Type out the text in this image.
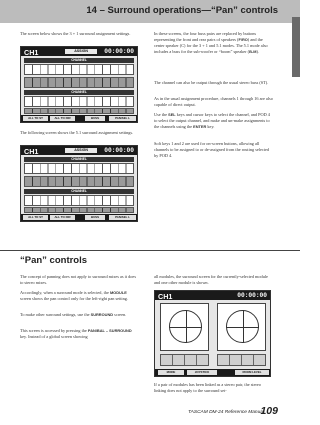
14 – Surround operations—“Pan” controls
The screen below shows the 3 + 1 surround assignment settings.
CH1	ASSIGN	00:00:00
CHANNEL
CHANNEL
ALL TO ST	ALL TO DIR	BUSS	PAN/SEL L
The following screen shows the 5.1 surround assignment settings.
CH1	ASSIGN	00:00:00
CHANNEL
CHANNEL
ALL TO ST	ALL TO DIR	BUSS	PAN/SEL L
In these screens, the four buss pairs are replaced by buttons representing the front and rear pairs of speakers (F/RO) and the center speaker (C) for the 3 + 1 and 5.1 modes. The 5.1 mode also includes a buss for the sub-woofer or “boom” speaker (B-M).
The channel can also be output through the usual stereo buss (ST).
As in the usual assignment procedure, channels 1 through 16 are also capable of direct output.
Use the SEL keys and cursor keys to select the channel, and POD 4 to select the output channel, and make and un-make assignments to the channels using the ENTER key.
Soft keys 1 and 2 are used for on-screen buttons, allowing all channels to be assigned to or de-assigned from the routing selected by POD 4.
“Pan” controls
The concept of panning does not apply to surround mixes as it does to stereo mixes.
Accordingly, when a surround mode is selected, the MODULE screen shows the pan control only for the left-right pan setting.
To make other surround settings, use the SURROUND screen.
This screen is accessed by pressing the PAN/BAL – SURROUND key. Instead of a global screen showing
all modules, the surround screen for the currently-selected module and one other module is shown.
CH1	00:00:00
MODE	JOYSTICK	ROOM LEVEL
If a pair of modules has been linked as a stereo pair, the stereo linking does not apply to the surround set-
TASCAM DM-24 Reference Manual
109
